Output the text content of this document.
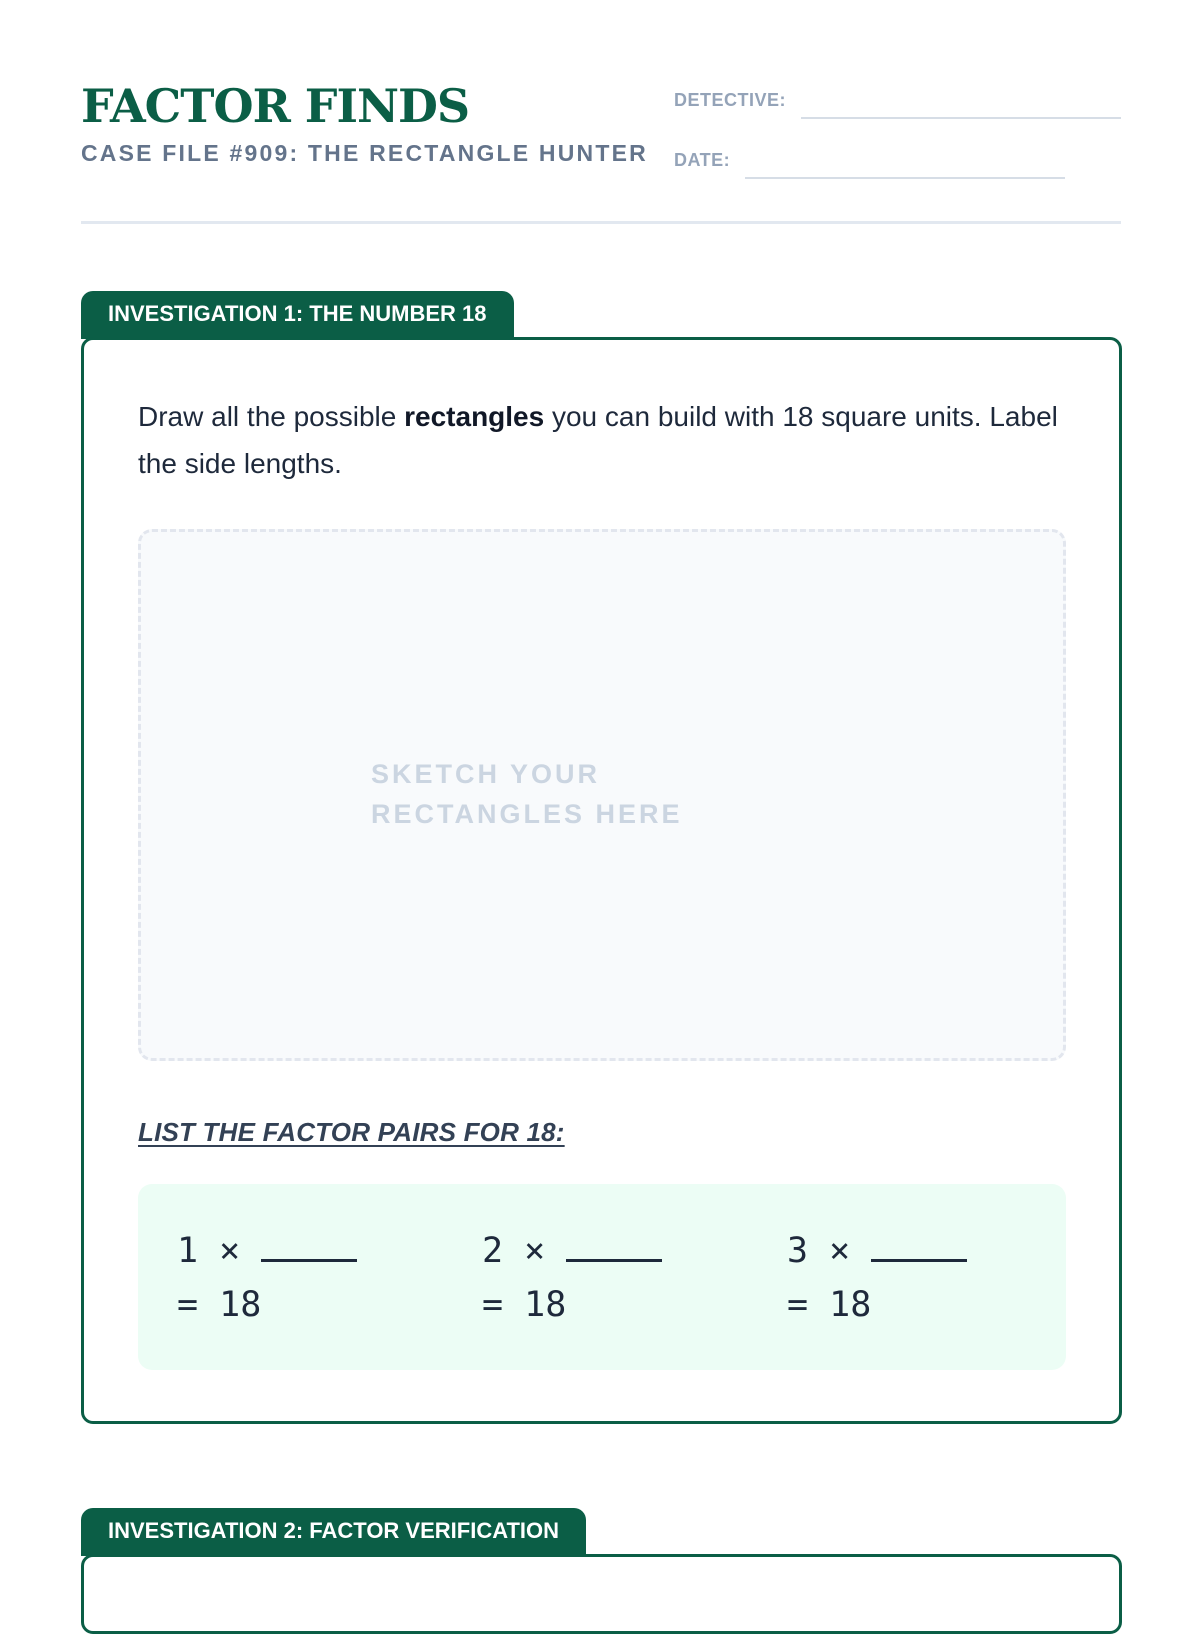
FACTOR FINDS
CASE FILE #909: THE RECTANGLE HUNTER
DETECTIVE:
DATE:
INVESTIGATION 1: THE NUMBER 18
Draw all the possible rectangles you can build with 18 square units. Label the side lengths.
SKETCH YOUR RECTANGLES HERE
LIST THE FACTOR PAIRS FOR 18:
1 ×
= 18
2 ×
= 18
3 ×
= 18
INVESTIGATION 2: FACTOR VERIFICATION
